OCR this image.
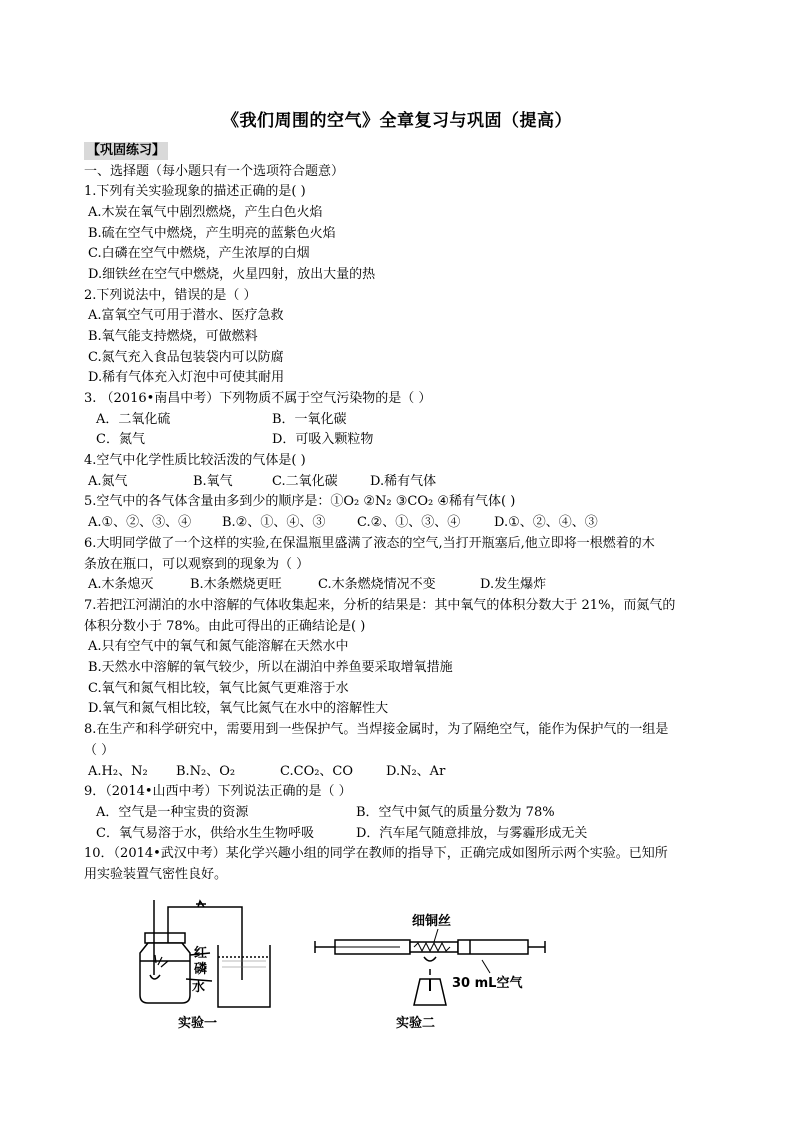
《我们周围的空气》全章复习与巩固（提高）
【巩固练习】
一、选择题（每小题只有一个选项符合题意）
1.下列有关实验现象的描述正确的是( )
A.木炭在氧气中剧烈燃烧，产生白色火焰
B.硫在空气中燃烧，产生明亮的蓝紫色火焰
C.白磷在空气中燃烧，产生浓厚的白烟
D.细铁丝在空气中燃烧，火星四射，放出大量的热
2.下列说法中，错误的是（ ）
A.富氧空气可用于潜水、医疗急救
B.氧气能支持燃烧，可做燃料
C.氮气充入食品包装袋内可以防腐
D.稀有气体充入灯泡中可使其耐用
3. （2016•南昌中考）下列物质不属于空气污染物的是（ ）
A．二氧化硫	B．一氧化碳
C．氮气	D．可吸入颗粒物
4.空气中化学性质比较活泼的气体是( )
A.氮气	B.氧气	C.二氧化碳 D.稀有气体
5.空气中的各气体含量由多到少的顺序是：①O₂ ②N₂ ③CO₂ ④稀有气体( )
A.①、②、③、④ B.②、①、④、③ C.②、①、③、④	D.①、②、④、③
6.大明同学做了一个这样的实验,在保温瓶里盛满了液态的空气,当打开瓶塞后,他立即将一根燃着的木
条放在瓶口，可以观察到的现象为（ ）
A.木条熄灭	B.木条燃烧更旺	C.木条燃烧情况不变	D.发生爆炸
7.若把江河湖泊的水中溶解的气体收集起来，分析的结果是：其中氧气的体积分数大于 21%，而氮气的
体积分数小于 78%。由此可得出的正确结论是( )
A.只有空气中的氧气和氮气能溶解在天然水中
B.天然水中溶解的氧气较少，所以在湖泊中养鱼要采取增氧措施
C.氧气和氮气相比较，氧气比氮气更难溶于水
D.氧气和氮气相比较，氧气比氮气在水中的溶解性大
8.在生产和科学研究中，需要用到一些保护气。当焊接金属时，为了隔绝空气，能作为保护气的一组是
（ ）
A.H₂、N₂ B.N₂、O₂	C.CO₂、CO	D.N₂、Ar
9．（2014•山西中考）下列说法正确的是（ ）
A．空气是一种宝贵的资源	B．空气中氮气的质量分数为 78%
C．氧气易溶于水，供给水生生物呼吸	D．汽车尾气随意排放，与雾霾形成无关
10．（2014•武汉中考）某化学兴趣小组的同学在教师的指导下，正确完成如图所示两个实验。已知所
用实验装置气密性良好。
红
磷
水
实验一
细铜丝
30 mL空气
实验二
